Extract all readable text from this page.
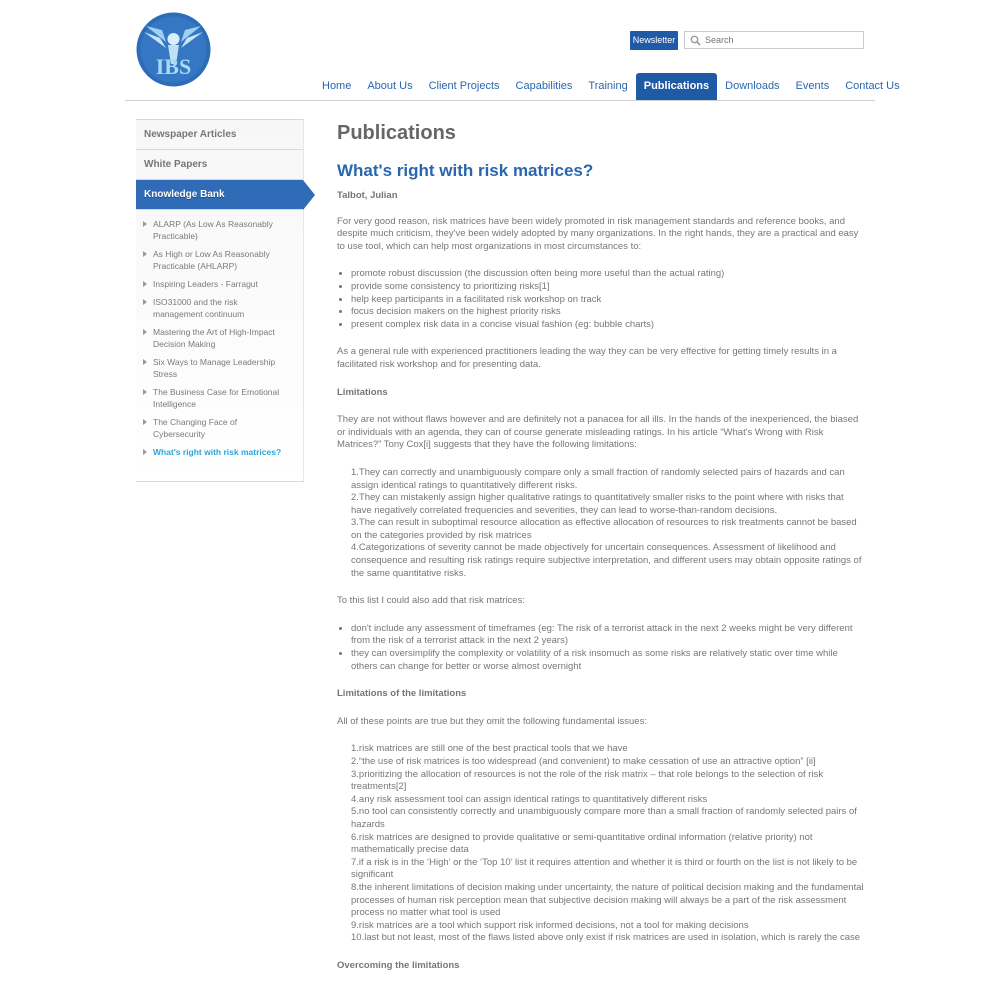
IBS
Newsletter
Search
Home	About Us	Client Projects	Capabilities	Training	Publications	Downloads	Events	Contact Us
Newspaper Articles
White Papers
Knowledge Bank
ALARP (As Low As Reasonably Practicable)
As High or Low As Reasonably Practicable (AHLARP)
Inspiring Leaders - Farragut
ISO31000 and the risk management continuum
Mastering the Art of High-Impact Decision Making
Six Ways to Manage Leadership Stress
The Business Case for Emotional Intelligence
The Changing Face of Cybersecurity
What's right with risk matrices?
Publications
What's right with risk matrices?
Talbot, Julian

For very good reason, risk matrices have been widely promoted in risk management standards and reference books, and despite much criticism, they've been widely adopted by many organizations. In the right hands, they are a practical and easy to use tool, which can help most organizations in most circumstances to:

• promote robust discussion (the discussion often being more useful than the actual rating)
• provide some consistency to prioritizing risks[1]
• help keep participants in a facilitated risk workshop on track
• focus decision makers on the highest priority risks
• present complex risk data in a concise visual fashion (eg: bubble charts)

As a general rule with experienced practitioners leading the way they can be very effective for getting timely results in a facilitated risk workshop and for presenting data.

Limitations

They are not without flaws however and are definitely not a panacea for all ills. In the hands of the inexperienced, the biased or individuals with an agenda, they can of course generate misleading ratings. In his article “What's Wrong with Risk Matrices?” Tony Cox[i] suggests that they have the following limitations:

1.They can correctly and unambiguously compare only a small fraction of randomly selected pairs of hazards and can assign identical ratings to quantitatively different risks.
2.They can mistakenly assign higher qualitative ratings to quantitatively smaller risks to the point where with risks that have negatively correlated frequencies and severities, they can lead to worse-than-random decisions.
3.The can result in suboptimal resource allocation as effective allocation of resources to risk treatments cannot be based on the categories provided by risk matrices
4.Categorizations of severity cannot be made objectively for uncertain consequences. Assessment of likelihood and consequence and resulting risk ratings require subjective interpretation, and different users may obtain opposite ratings of the same quantitative risks.

To this list I could also add that risk matrices:

• don't include any assessment of timeframes (eg: The risk of a terrorist attack in the next 2 weeks might be very different from the risk of a terrorist attack in the next 2 years)
• they can oversimplify the complexity or volatility of a risk insomuch as some risks are relatively static over time while others can change for better or worse almost overnight
Limitations of the limitations

All of these points are true but they omit the following fundamental issues:

1.risk matrices are still one of the best practical tools that we have
2.“the use of risk matrices is too widespread (and convenient) to make cessation of use an attractive option” [ii]
3.prioritizing the allocation of resources is not the role of the risk matrix – that role belongs to the selection of risk treatments[2]
4.any risk assessment tool can assign identical ratings to quantitatively different risks
5.no tool can consistently correctly and unambiguously compare more than a small fraction of randomly selected pairs of hazards
6.risk matrices are designed to provide qualitative or semi-quantitative ordinal information (relative priority) not mathematically precise data
7.if a risk is in the ‘High’ or the ‘Top 10’ list it requires attention and whether it is third or fourth on the list is not likely to be significant
8.the inherent limitations of decision making under uncertainty, the nature of political decision making and the fundamental processes of human risk perception mean that subjective decision making will always be a part of the risk assessment process no matter what tool is used
9.risk matrices are a tool which support risk informed decisions, not a tool for making decisions
10.last but not least, most of the flaws listed above only exist if risk matrices are used in isolation, which is rarely the case
Overcoming the limitations
